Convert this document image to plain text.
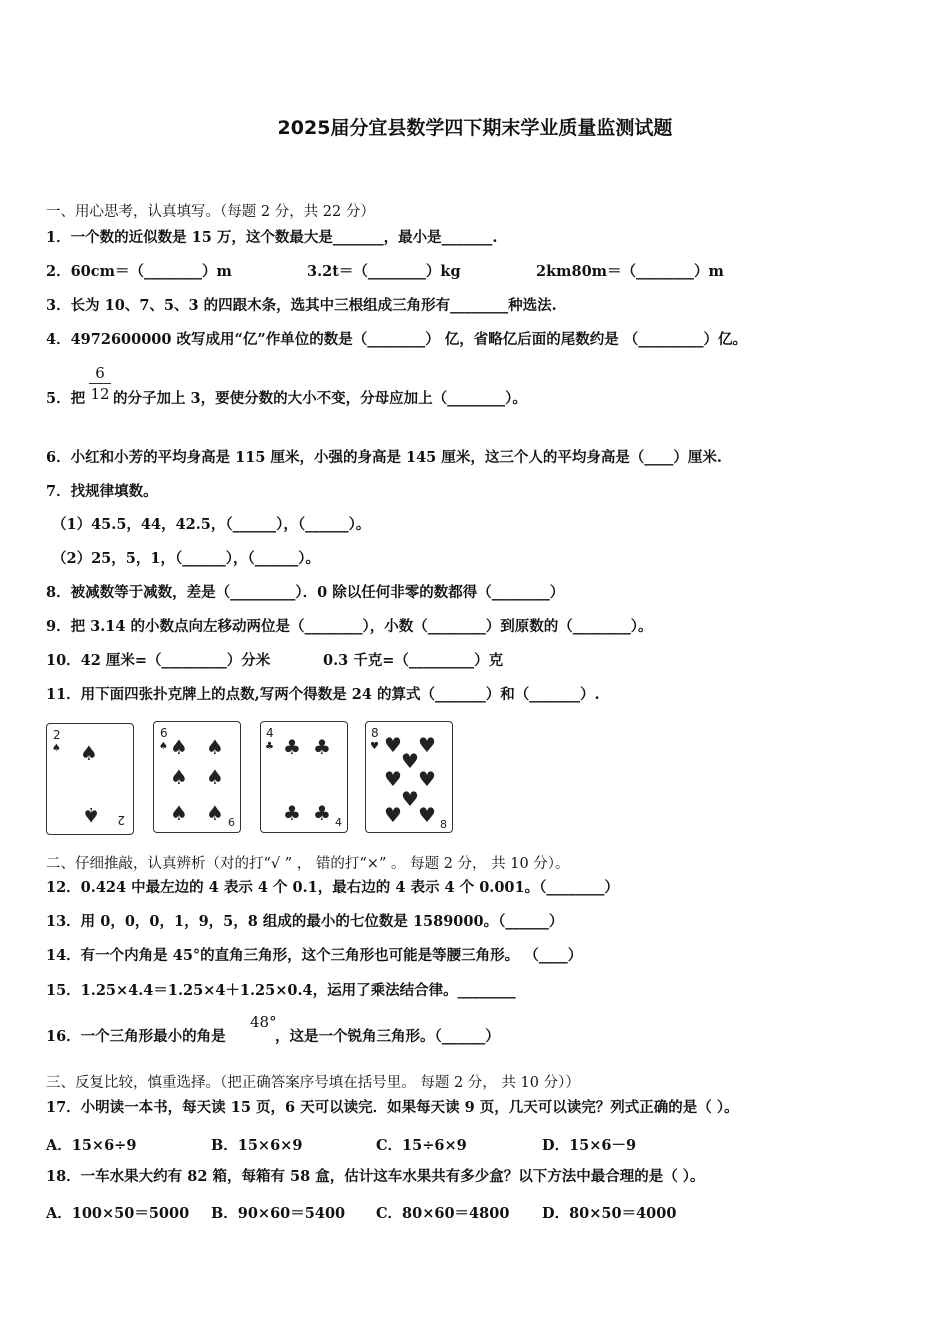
2025届分宜县数学四下期末学业质量监测试题
一、用心思考，认真填写。（每题 2 分，共 22 分）
1．一个数的近似数是 15 万，这个数最大是_______，最小是_______.
2．60cm＝（________）m	3.2t＝（________）kg	2km80m＝（________）m
3．长为 10、7、5、3 的四跟木条，选其中三根组成三角形有________种选法.
4．4972600000 改写成用“亿”作单位的数是（________） 亿，省略亿后面的尾数约是 （_________）亿。
5．把
6
12 的分子加上 3，要使分数的大小不变，分母应加上（________）。
6．小红和小芳的平均身高是 115 厘米，小强的身高是 145 厘米，这三个人的平均身高是（____）厘米.
7．找规律填数。
（1）45.5，44，42.5，（______），（______）。
（2）25，5，1，（______），（______）。
8．被减数等于减数，差是（_________）．0 除以任何非零的数都得（________）
9．把 3.14 的小数点向左移动两位是（________），小数（________）到原数的（________）。
10．42 厘米=（_________）分米	0.3 千克=（_________）克
11．用下面四张扑克牌上的点数,写两个得数是 24 的算式（_______）和（_______）.
2
♠ ♠
♠ 2
6
♠ ♠ ♠
♠ ♠
♠ ♠ 6
4
♣ ♣ ♣
♣ ♣ 4
8
♥ ♥ ♥
♥
♥ ♥
♥
♥ ♥ 8
二、仔细推敲，认真辨析（对的打“√ ” ， 错的打“×” 。 每题 2 分， 共 10 分）。
12．0.424 中最左边的 4 表示 4 个 0.1，最右边的 4 表示 4 个 0.001。（________）
13．用 0，0，0，1，9，5，8 组成的最小的七位数是 1589000。（______）
14．有一个内角是 45°的直角三角形，这个三角形也可能是等腰三角形。 （____）
15．1.25×4.4＝1.25×4＋1.25×0.4，运用了乘法结合律。________
16．一个三角形最小的角是
48°
，这是一个锐角三角形。（______）
三、反复比较，慎重选择。（把正确答案序号填在括号里。 每题 2 分， 共 10 分））
17．小明读一本书，每天读 15 页，6 天可以读完．如果每天读 9 页，几天可以读完？列式正确的是（ ）。
A．15×6÷9	B．15×6×9	C．15÷6×9	D．15×6－9
18．一车水果大约有 82 箱，每箱有 58 盒，估计这车水果共有多少盒？以下方法中最合理的是（ ）。
A．100×50＝5000 B．90×60＝5400 C．80×60＝4800 D．80×50＝4000
